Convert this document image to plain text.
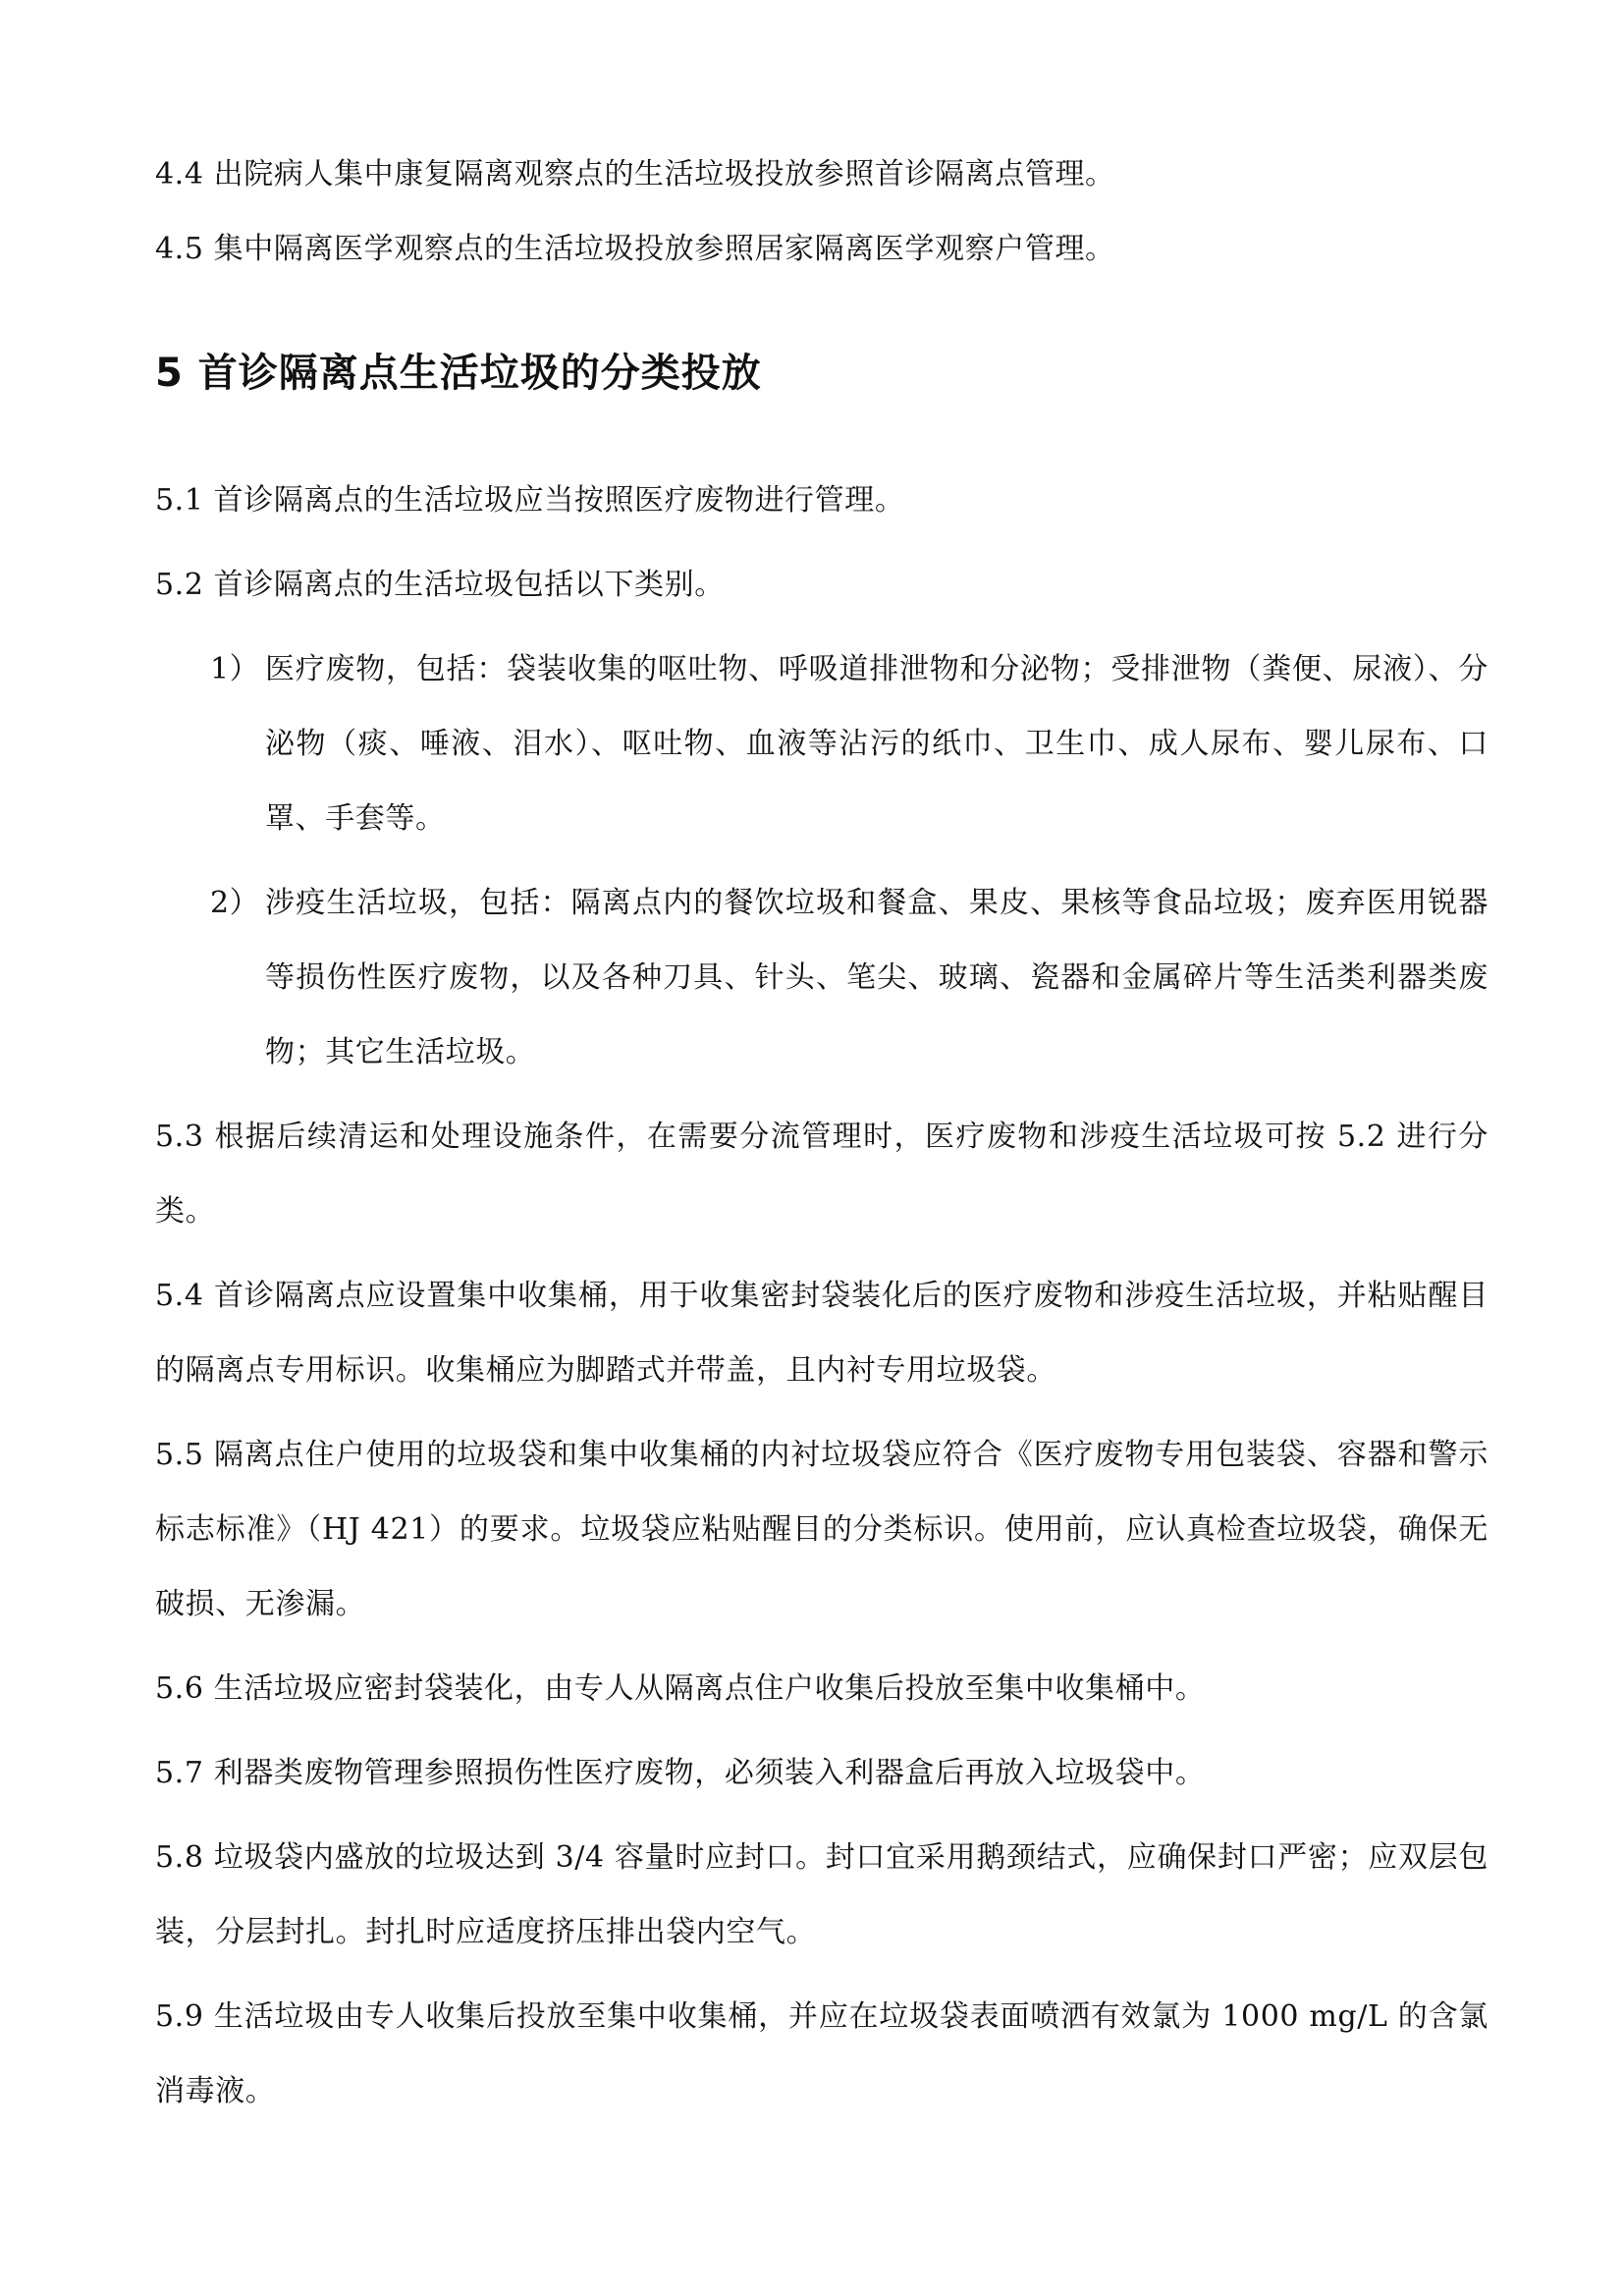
4.4 出院病人集中康复隔离观察点的生活垃圾投放参照首诊隔离点管理。

4.5 集中隔离医学观察点的生活垃圾投放参照居家隔离医学观察户管理。

5 首诊隔离点生活垃圾的分类投放

5.1 首诊隔离点的生活垃圾应当按照医疗废物进行管理。

5.2 首诊隔离点的生活垃圾包括以下类别。

1） 医疗废物，包括：袋装收集的呕吐物、呼吸道排泄物和分泌物；受排泄物（粪便、尿液）、分泌物（痰、唾液、泪水）、呕吐物、血液等沾污的纸巾、卫生巾、成人尿布、婴儿尿布、口罩、手套等。
2） 涉疫生活垃圾，包括：隔离点内的餐饮垃圾和餐盒、果皮、果核等食品垃圾；废弃医用锐器等损伤性医疗废物，以及各种刀具、针头、笔尖、玻璃、瓷器和金属碎片等生活类利器类废物；其它生活垃圾。

5.3 根据后续清运和处理设施条件，在需要分流管理时，医疗废物和涉疫生活垃圾可按 5.2 进行分类。

5.4 首诊隔离点应设置集中收集桶，用于收集密封袋装化后的医疗废物和涉疫生活垃圾，并粘贴醒目的隔离点专用标识。收集桶应为脚踏式并带盖，且内衬专用垃圾袋。

5.5 隔离点住户使用的垃圾袋和集中收集桶的内衬垃圾袋应符合《医疗废物专用包装袋、容器和警示标志标准》（HJ 421）的要求。垃圾袋应粘贴醒目的分类标识。使用前，应认真检查垃圾袋，确保无破损、无渗漏。

5.6 生活垃圾应密封袋装化，由专人从隔离点住户收集后投放至集中收集桶中。

5.7 利器类废物管理参照损伤性医疗废物，必须装入利器盒后再放入垃圾袋中。

5.8 垃圾袋内盛放的垃圾达到 3/4 容量时应封口。封口宜采用鹅颈结式，应确保封口严密；应双层包装，分层封扎。封扎时应适度挤压排出袋内空气。

5.9 生活垃圾由专人收集后投放至集中收集桶，并应在垃圾袋表面喷洒有效氯为 1000 mg/L 的含氯消毒液。
